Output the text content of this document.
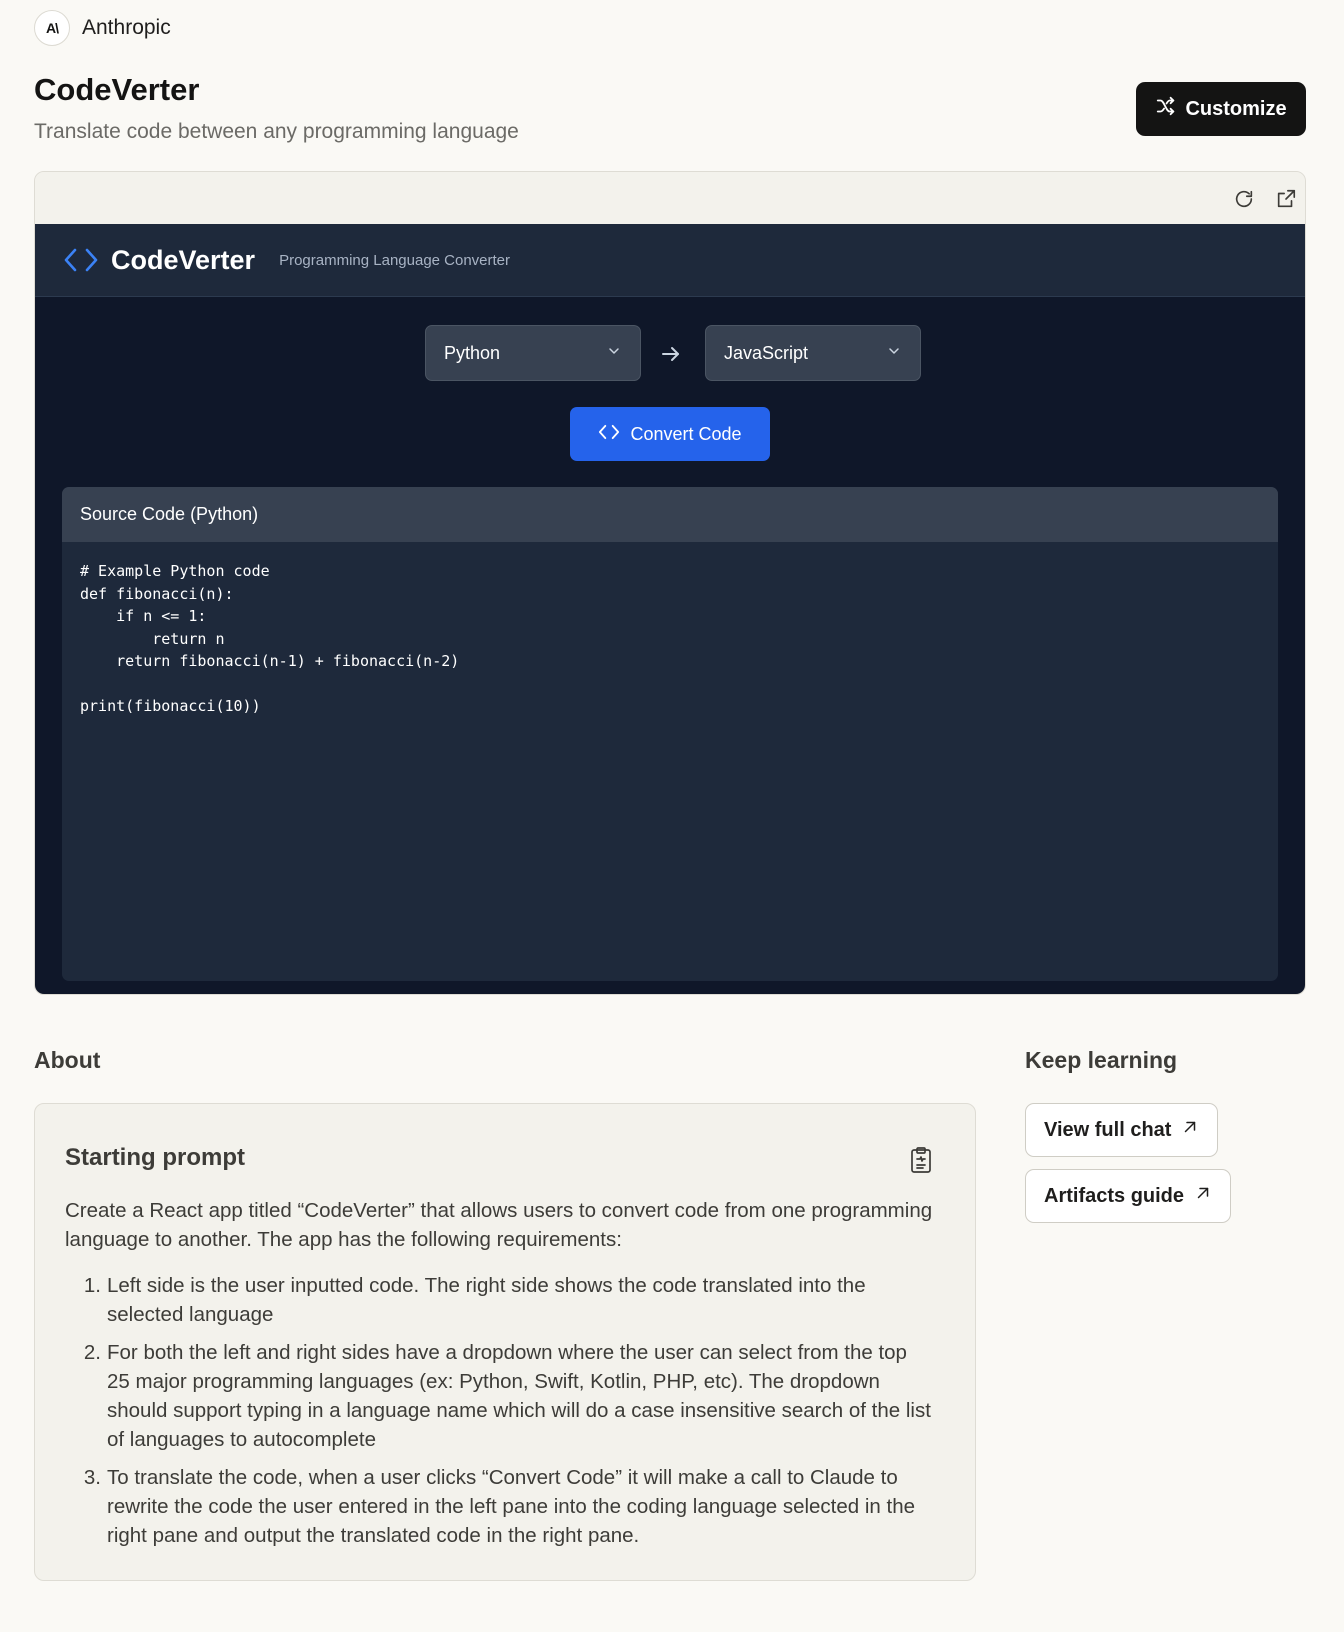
A\	Anthropic
CodeVerter

Translate code between any programming language

Customize
CodeVerter Programming Language Converter
Python	JavaScript
Convert Code
Source Code (Python)
# Example Python code
def fibonacci(n):
if n <= 1:
return n
return fibonacci(n-1) + fibonacci(n-2)

print(fibonacci(10))
About
Starting prompt

Create a React app titled “CodeVerter” that allows users to convert code from one programming language to another. The app has the following requirements:

1. Left side is the user inputted code. The right side shows the code translated into the selected language
2. For both the left and right sides have a dropdown where the user can select from the top 25 major programming languages (ex: Python, Swift, Kotlin, PHP, etc). The dropdown should support typing in a language name which will do a case insensitive search of the list of languages to autocomplete
3. To translate the code, when a user clicks “Convert Code” it will make a call to Claude to rewrite the code the user entered in the left pane into the coding language selected in the right pane and output the translated code in the right pane.
Keep learning
View full chat
Artifacts guide
